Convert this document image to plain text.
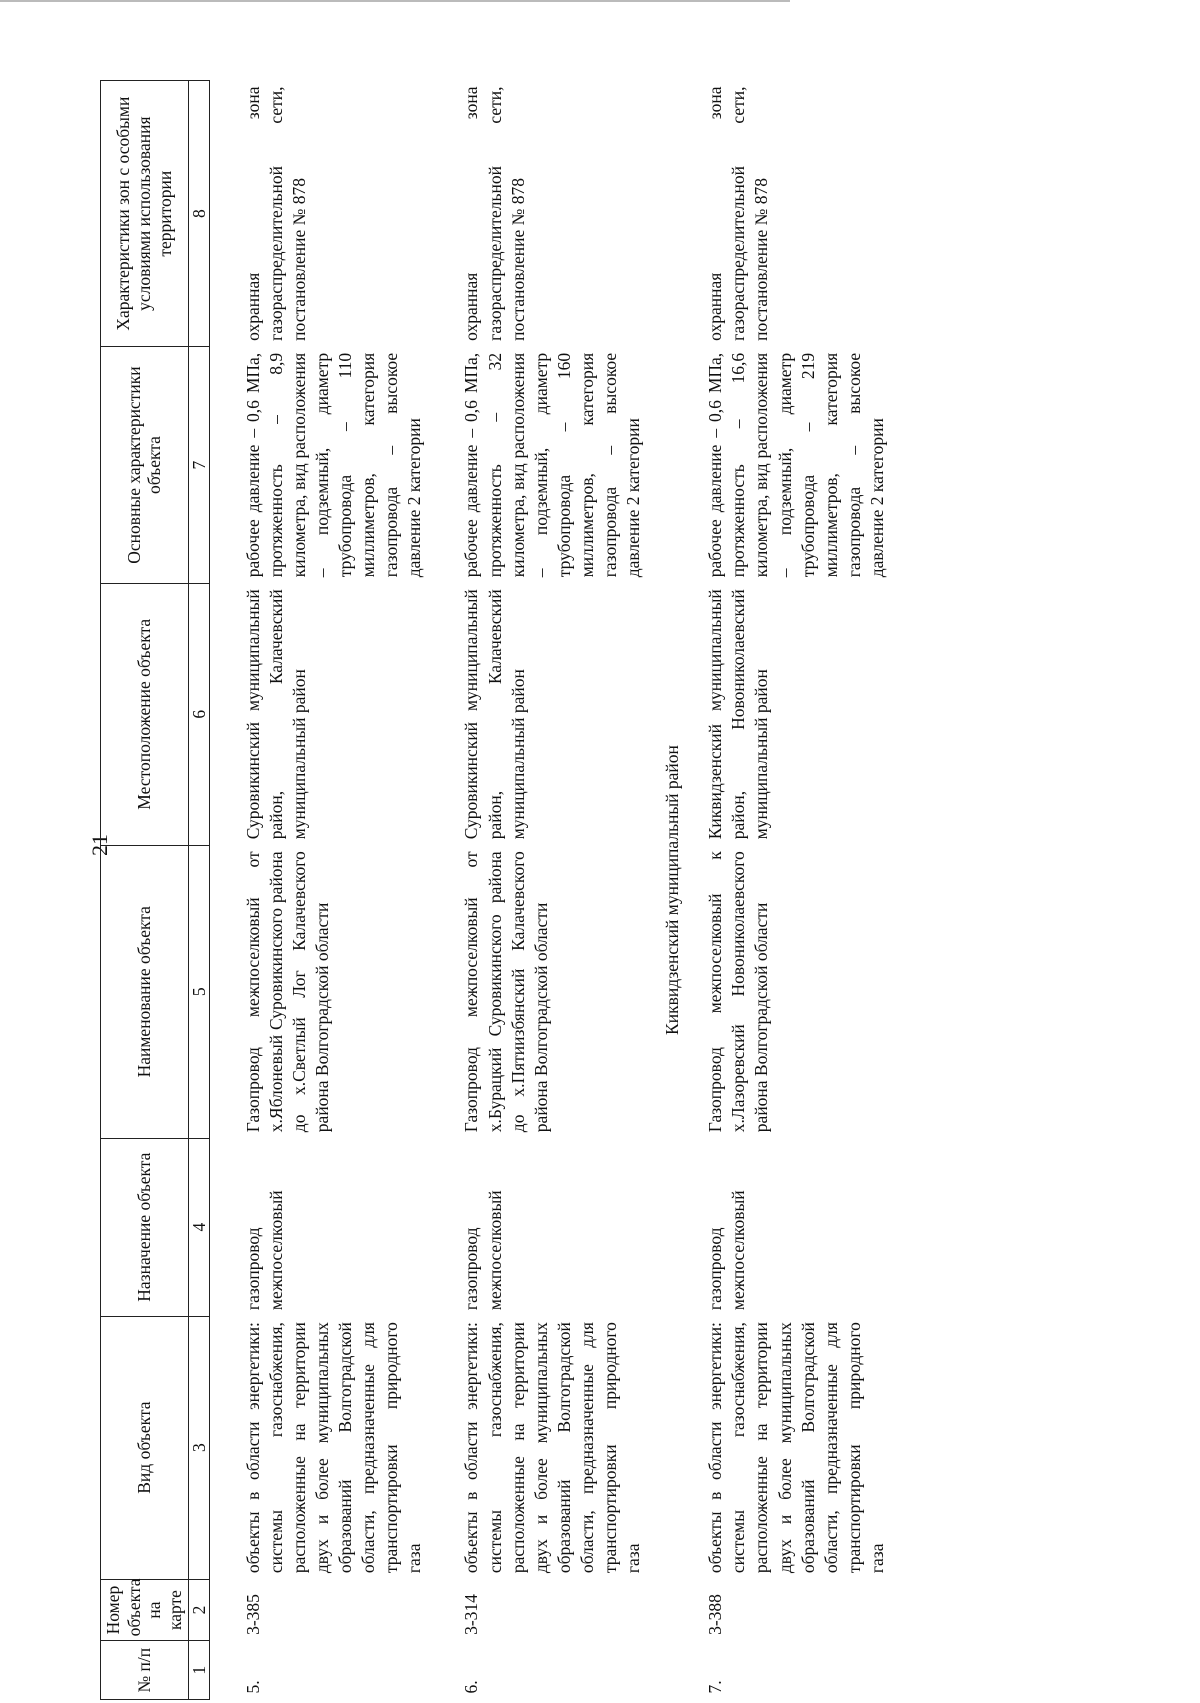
21
№ п/п	Номер объекта на карте	Вид объекта	Назначение объекта	Наименование объекта	Местоположение объекта	Основные характеристики объекта	Характеристики зон с особыми условиями использования территории
1	2	3	4	5	6	7	8

5.	3-385	объекты в области энергетики: системы газоснабжения, расположенные на территории двух и более муниципальных образований Волгоградской области, предназначенные для транспортировки природного газа	газопровод межпоселковый	Газопровод межпоселковый от х.Яблоневый Суровикинского района до х.Светлый Лог Калачевского района Волгоградской области	Суровикинский муниципальный район, Калачевский муниципальный район	рабочее давление – 0,6 МПа, протяженность – 8,9 километра, вид расположения – подземный, диаметр трубопровода – 110 миллиметров, категория газопровода – высокое давление 2 категории	охранная зона газораспределительной сети, постановление № 878

6.	3-314	объекты в области энергетики: системы газоснабжения, расположенные на территории двух и более муниципальных образований Волгоградской области, предназначенные для транспортировки природного газа	газопровод межпоселковый	Газопровод межпоселковый от х.Бурацкий Суровикинского района до х.Пятиизбянский Калачевского района Волгоградской области	Суровикинский муниципальный район, Калачевский муниципальный район	рабочее давление – 0,6 МПа, протяженность – 32 километра, вид расположения – подземный, диаметр трубопровода – 160 миллиметров, категория газопровода – высокое давление 2 категории	охранная зона газораспределительной сети, постановление № 878
Киквидзенский муниципальный район							
7.	3-388	объекты в области энергетики: системы газоснабжения, расположенные на территории двух и более муниципальных образований Волгоградской области, предназначенные для транспортировки природного газа	газопровод межпоселковый	Газопровод межпоселковый к х.Лазоревский Новониколаевского района Волгоградской области	Киквидзенский муниципальный район, Новониколаевский муниципальный район	рабочее давление – 0,6 МПа, протяженность – 16,6 километра, вид расположения – подземный, диаметр трубопровода – 219 миллиметров, категория газопровода – высокое давление 2 категории	охранная зона газораспределительной сети, постановление № 878
